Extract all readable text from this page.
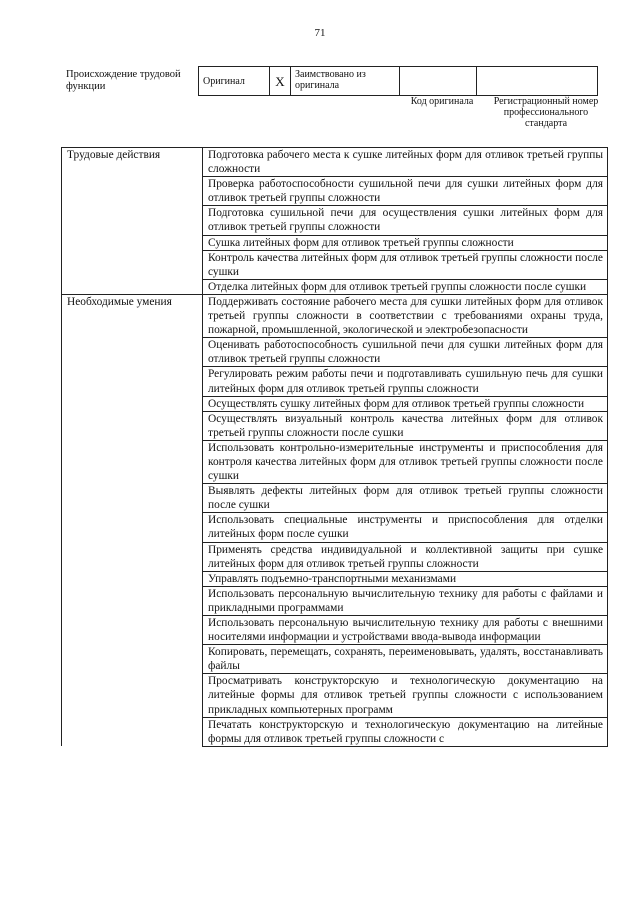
71
Происхождение трудовой функции	Оригинал	X	Заимствовано из оригинала		
Код оригинала	Регистрационный номер профессионального стандарта
Трудовые действия	Подготовка рабочего места к сушке литейных форм для отливок третьей группы сложности
	Проверка работоспособности сушильной печи для сушки литейных форм для отливок третьей группы сложности
	Подготовка сушильной печи для осуществления сушки литейных форм для отливок третьей группы сложности
	Сушка литейных форм для отливок третьей группы сложности
	Контроль качества литейных форм для отливок третьей группы сложности после сушки
	Отделка литейных форм для отливок третьей группы сложности после сушки
Необходимые умения	Поддерживать состояние рабочего места для сушки литейных форм для отливок третьей группы сложности в соответствии с требованиями охраны труда, пожарной, промышленной, экологической и электробезопасности
	Оценивать работоспособность сушильной печи для сушки литейных форм для отливок третьей группы сложности
	Регулировать режим работы печи и подготавливать сушильную печь для сушки литейных форм для отливок третьей группы сложности
	Осуществлять сушку литейных форм для отливок третьей группы сложности
	Осуществлять визуальный контроль качества литейных форм для отливок третьей группы сложности после сушки
	Использовать контрольно-измерительные инструменты и приспособления для контроля качества литейных форм для отливок третьей группы сложности после сушки
	Выявлять дефекты литейных форм для отливок третьей группы сложности после сушки
	Использовать специальные инструменты и приспособления для отделки литейных форм после сушки
	Применять средства индивидуальной и коллективной защиты при сушке литейных форм для отливок третьей группы сложности
	Управлять подъемно-транспортными механизмами
	Использовать персональную вычислительную технику для работы с файлами и прикладными программами
	Использовать персональную вычислительную технику для работы с внешними носителями информации и устройствами ввода-вывода информации
	Копировать, перемещать, сохранять, переименовывать, удалять, восстанавливать файлы
	Просматривать конструкторскую и технологическую документацию на литейные формы для отливок третьей группы сложности с использованием прикладных компьютерных программ
	Печатать конструкторскую и технологическую документацию на литейные формы для отливок третьей группы сложности с
